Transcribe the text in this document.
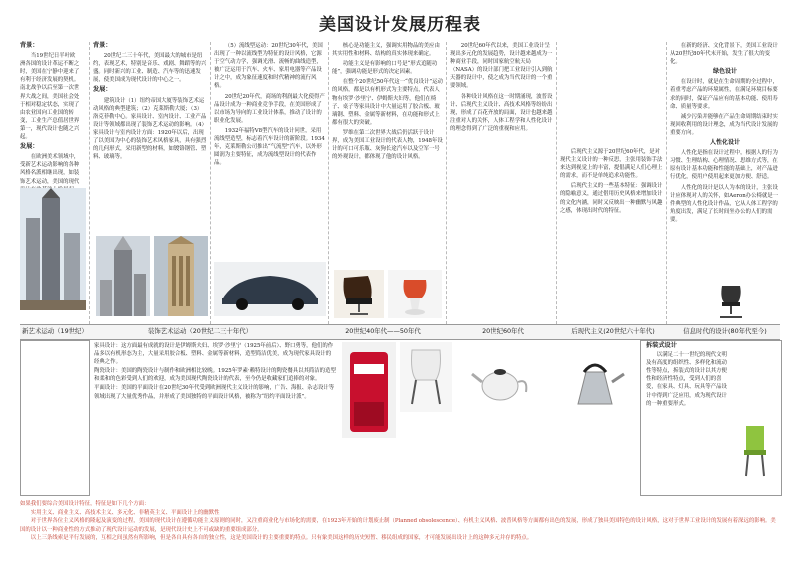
美国设计发展历程表
背景：

当19世纪日半叶欧洲各国的设计革运不断之时，美国在宁静中迎来了有利于经济发展的契机。南北战争以后至第一次世界大战之间，美国社会处于相对稳定状态，实现了由农业国向工业国的转变，工业生产总值居世界第一，现代设计也随之兴起。

发展：

在欧洲美术领域中，受新艺术运动影响的各种风格名派相继出现，如装饰艺术运动，美国的现代

背景：

20世纪二三十年代，美国最大的城市是纽约，表现艺术，特别是音乐、戏剧、舞蹈等的兴盛。同时新兴的工业、制造、汽车等的迅速发展，使美国成为现代设计的中心之一。

发展：

建筑设计（1）纽约帝国大厦等装饰艺术运动风格的典型建筑；（2）克莱斯勒大厦；（3）洛克菲勒中心。家具设计、室内设计、工业产品设计等领域都出现了装饰艺术运动的影响。（4）家具设计与室内设计方面：1920年以后，出现了以美国为中心的装饰艺术风格家具，具有强烈的几何形式，采用新型的材料，如镀铬钢管、塑料、玻璃等。

（5）流线型运动：20世纪30年代，美国出现了一种以流线型为特征的设计风格，它源于空气动力学，强调光滑、流畅的曲线造型，被广泛运用于汽车、火车、家用电器等产品设计之中，成为象征速度和时代精神的流行风格。

20世纪20年代，商场的利润最大化使得产品设计成为一种商业竞争手段，在美国形成了以市场为导向的工业设计体系，推动了设计的职业化发展。

1932年福特V8型汽车的设计问世，采用流线型造型，标志着汽车设计的新阶段。1934年，克莱斯勒公司推出“气流型”汽车，以外形圆润为主要特征，成为流线型设计的代表作品。

核心是功能主义，强调实用物品的美应由其实用性和材料、结构的真实体现来确定。

功能主义是有影响的口号是“形式追随功能”，强调功能是形式的决定因素。

在整个20世纪50年代这一“优良设计”运动的风格，都是以有机形式为主要特点，代表人物有埃罗·沙里宁、伊姆斯夫妇等，他们在椅子、桌子等家具设计中大量运用了胶合板、玻璃钢、塑料、金属等新材料，在功能和形式上都有很大的突破。

罗维在第二次世界大战后仍活跃于设计界，成为美国工业设计的代表人物，1948年设计的可口可乐瓶、灰狗长途汽车以及空军一号的外观设计，都体现了他的设计风格。

20世纪60年代以来，美国工业设计呈现出多元化的发展趋势，设计越来越成为一种商业手段，同时国家航空航天局（NASA）的设计部门把工业设计引入到航天器的设计中，使之成为当代设计的一个重要领域。

各种设计风格在这一时期涌现，波普设计、后现代主义设计、高技术风格等纷纷出现，形成了百花齐放的局面，设计也越来越注重对人的关怀，人体工程学和人性化设计的理念得到了广泛的重视和应用。

后现代主义源于20世纪60年代，是对现代主义设计的一种反思，主张用装饰手法来达到视觉上的丰富，提倡满足人们心理上的需求，而不是单纯追求功能性。

后现代主义的一些基本特征：强调设计的隐喻意义，通过借用历史风格来增加设计的文化内涵，同时又反映出一种幽默与风趣之感，体现出时代的特征。

在新的经济、文化背景下，美国工业设计从20世纪80年代末开始，发生了很大的变化。

绿色设计

在设计时，就是在生命周期的全过程中，着重考虑产品的环境属性，在满足环境目标要求的同时，保证产品应有的基本功能、使用寿命、质量等要求。

减少污染并能够在产品生命周期结束时实现回收利用的设计理念，成为当代设计发展的重要方向。

人性化设计

人性化是指在设计过程中，根据人的行为习惯、生理结构、心理情况、思维方式等，在原有设计基本功能和性能的基础上，对产品进行优化，使用户使用起来更加方便、舒适。

人性化的设计是以人为本的设计，主张设计应体现对人的关怀，如Aeron办公椅就是一件典型的人性化设计作品，它从人体工程学的角度出发，满足了长时间坐办公的人们的需要。

新艺术运动（19世纪）	装饰艺术运动（20世纪二三十年代）	20世纪40年代——50年代	20世纪60年代	后现代主义(20世纪六十年代)	信息时代的设计(80年代至今)

家具设计：这方面最有成就的设计是伊姆斯夫妇、埃罗·沙里宁（1925年前后）、野口勇等，他们的作品多以有机形态为主，大量采用胶合板、塑料、金属等新材料，造型简洁优美，成为现代家具设计的经典之作。

陶瓷设计：美国的陶瓷设计与制作和欧洲相比较晚。1925年罗素·赖特设计的陶瓷餐具以其简洁的造型和柔和的色彩受到人们的欢迎，成为美国现代陶瓷设计的代表，至今仍是收藏家们追捧的对象。

平面设计：美国的平面设计在20世纪30年代受到欧洲现代主义设计的影响，广告、海报、杂志设计等领域出现了大量优秀作品，并形成了美国独特的平面设计风格，被称为“纽约平面设计派”。

拆装式设计

以满足二十一世纪的现代文明及有高度的组织性、多样化和流动性等特点，拆装式的设计以其方便性和经济性特点，受到人们的喜爱，在家具、灯具、玩具等产品设计中得到广泛应用，成为现代设计的一种重要形式。

如果我们要综合美国设计特征，特征是如下几个方面：

实用主义、商业主义、高技术主义、多元化、非精英主义、平面设计上的幽默性

对于世界各位主义风格的隆起及演变的过程，美国的现代设计在遵循功能主义原则的同时，又注重商业化与市场化的需要，在1923年开始的计划废止制（Planned obsolescence）、有机主义风格、波普风格等方面都有出色的发展，形成了独具美国特色的设计风格，这对于世界工业设计的发展有着深远的影响。美国的设计以一种商业性的方式推动了现代设计运动的发展，是现代设计史上不可或缺的重要组成部分。

以上三条线索是平行发展的，互相之间虽然有所影响，但是各自具有各自的独立性，这是美国设计的主要重要的特点。只有象美国这样的历史短暂、移民组成的国家，才可能发展出设计上的这种多元并存的特点。
